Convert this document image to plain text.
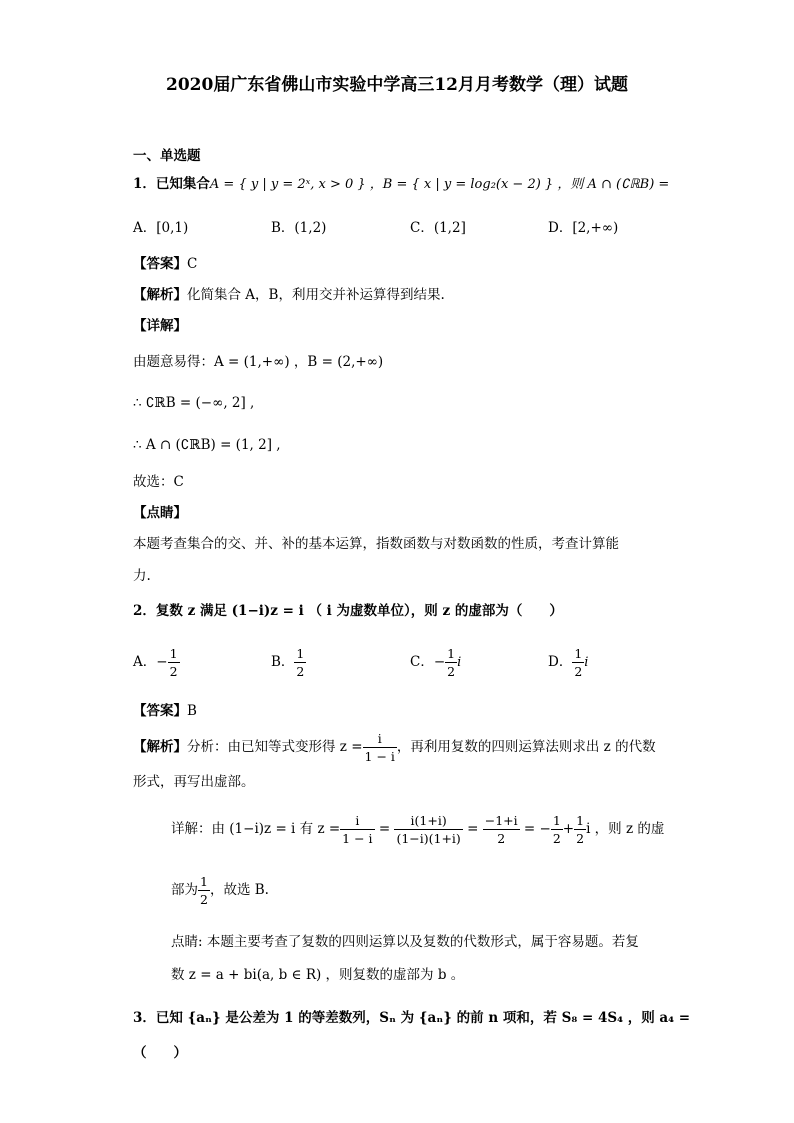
2020届广东省佛山市实验中学高三12月月考数学（理）试题
一、单选题
1．已知集合A = { y | y = 2ˣ, x > 0 } ，B = { x | y = log₂(x − 2) } ，则 A ∩ (∁ℝB) =
A．[0,1)	B．(1,2)	C．(1,2]	D．[2,+∞)
【答案】C
【解析】化简集合 A，B，利用交并补运算得到结果.
【详解】
由题意易得：A = (1,+∞) ，B = (2,+∞)
∴ ∁ℝB = (−∞, 2] ,
∴ A ∩ (∁ℝB) = (1, 2] ,
故选：C
【点睛】
本题考查集合的交、并、补的基本运算，指数函数与对数函数的性质，考查计算能
力.
2．复数 z 满足 (1−i)z = i （ i 为虚数单位），则 z 的虚部为（　　）
A．− $\frac{1}{2}$	B． $\frac{1}{2}$	C．− $\frac{1}{2}$ i	D． $\frac{1}{2}$ i
【答案】B
【解析】分析：由已知等式变形得 $z = \frac{i}{1 - i}$ ，再利用复数的四则运算法则求出 z 的代数
形式，再写出虚部。
详解：由 (1−i)z = i 有 $z = \frac{i}{1 - i} = \frac{i(1+i)}{(1-i)(1+i)} = \frac{-1+i}{2}$ = − $\frac{1}{2} + \frac{1}{2}$ i ，则 z 的虚
部为 $\frac{1}{2}$ ，故选 B.
点睛: 本题主要考查了复数的四则运算以及复数的代数形式，属于容易题。若复
数 z = a + bi(a, b ∈ R) ，则复数的虚部为 b 。
3．已知 {aₙ} 是公差为 1 的等差数列，Sₙ 为 {aₙ} 的前 n 项和，若 S₈ = 4S₄ ，则 a₄ =
（　　）
